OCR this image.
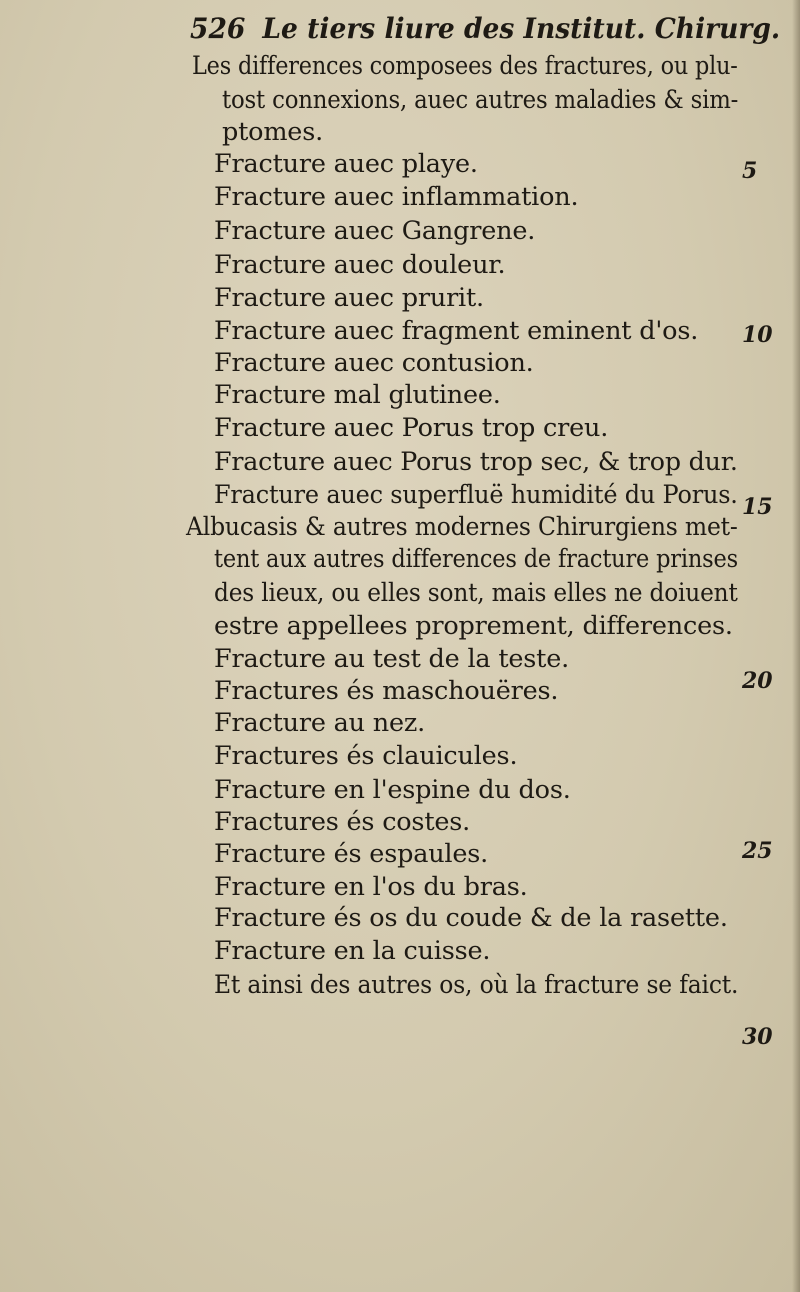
526 Le tiers liure des Institut. Chirurg.
Les differences composees des fractures, ou plu-
tost connexions, auec autres maladies & sim-
ptomes.
Fracture auec playe.
Fracture auec inflammation.
Fracture auec Gangrene.
Fracture auec douleur.
Fracture auec prurit.
Fracture auec fragment eminent d'os.
Fracture auec contusion.
Fracture mal glutinee.
Fracture auec Porus trop creu.
Fracture auec Porus trop sec, & trop dur.
Fracture auec superfluë humidité du Porus.
Albucasis & autres modernes Chirurgiens met-
tent aux autres differences de fracture prinses
des lieux, ou elles sont, mais elles ne doiuent
estre appellees proprement, differences.
Fracture au test de la teste.
Fractures és maschouëres.
Fracture au nez.
Fractures és clauicules.
Fracture en l'espine du dos.
Fractures és costes.
Fracture és espaules.
Fracture en l'os du bras.
Fracture és os du coude & de la rasette.
Fracture en la cuisse.
Et ainsi des autres os, où la fracture se faict.
5
10
15
20
25
30
